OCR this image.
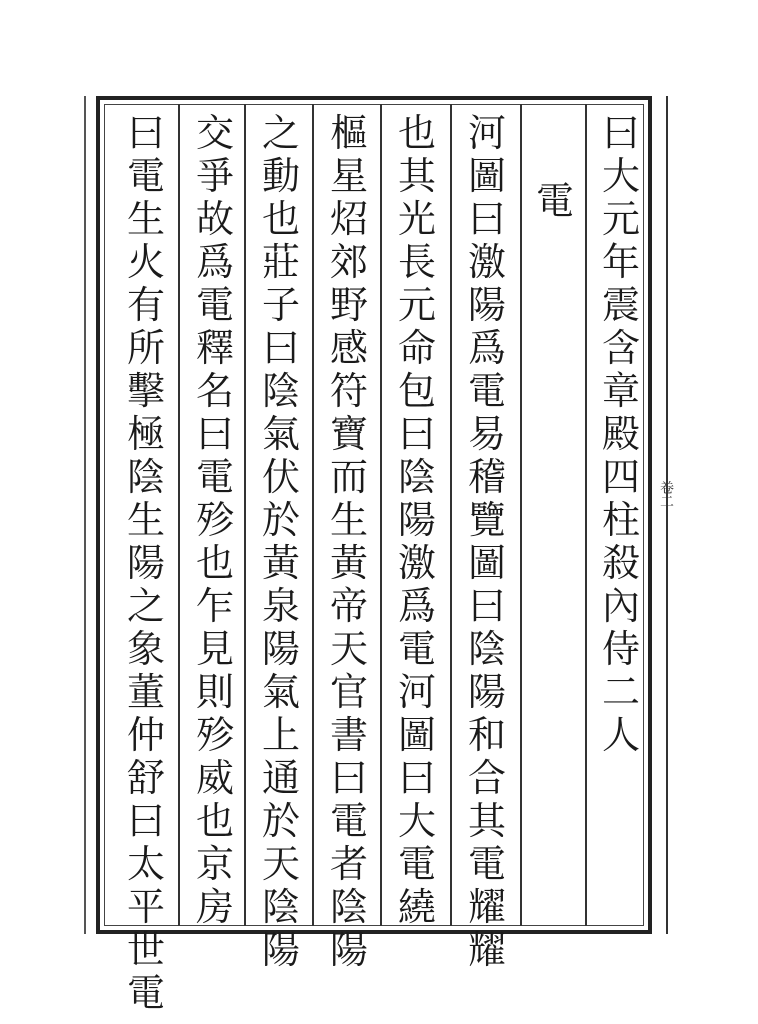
卷二
曰
大
元
年
震
含
章
殿
四
柱
殺
內
侍
二
人
電
河
圖
曰
激
陽
爲
電
易
稽
覽
圖
曰
陰
陽
和
合
其
電
耀
耀
也
其
光
長
元
命
包
曰
陰
陽
激
爲
電
河
圖
曰
大
電
繞
樞
星
炤
郊
野
感
符
寶
而
生
黃
帝
天
官
書
曰
電
者
陰
陽
之
動
也
莊
子
曰
陰
氣
伏
於
黃
泉
陽
氣
上
通
於
天
陰
陽
交
爭
故
爲
電
釋
名
曰
電
殄
也
乍
見
則
殄
威
也
京
房
曰
電
生
火
有
所
擊
極
陰
生
陽
之
象
董
仲
舒
曰
太
平
世
電
